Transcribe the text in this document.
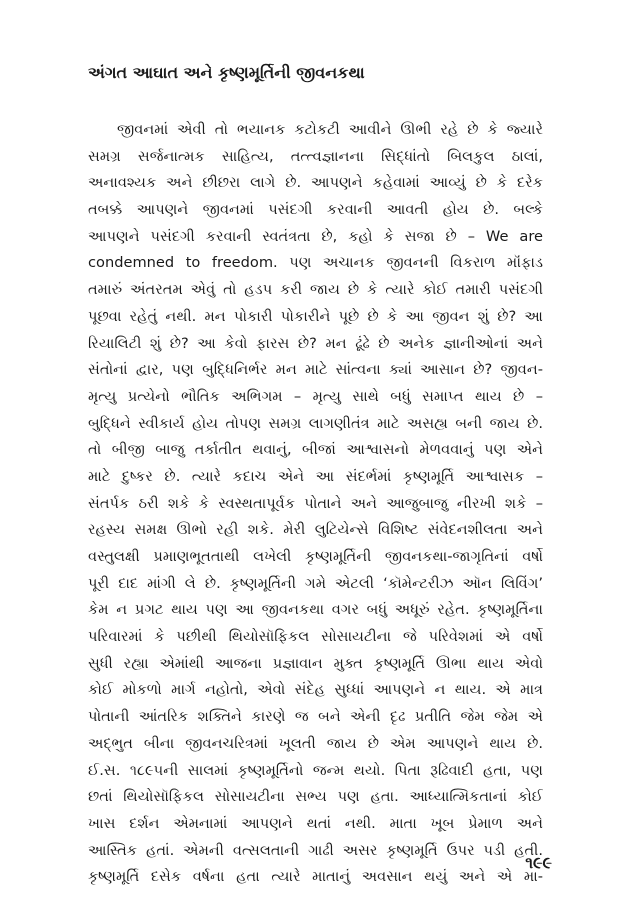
અંગત આઘાત અને કૃષ્ણમૂર્તિની જીવનકથા
જીવનમાં એવી તો ભયાનક કટોકટી આવીને ઊભી રહે છે કે જ્યારે
સમગ્ર સર્જનાત્મક સાહિત્ય, તત્ત્વજ્ઞાનના સિદ્ધાંતો બિલકુલ ઠાલાં,
અનાવશ્યક અને છીછરા લાગે છે. આપણને કહેવામાં આવ્યું છે કે દરેક
તબક્કે આપણને જીવનમાં પસંદગી કરવાની આવતી હોય છે. બલ્કે
આપણને પસંદગી કરવાની સ્વતંત્રતા છે, કહો કે સજા છે – We are
condemned to freedom. પણ અચાનક જીવનની વિકરાળ મૉંફાડ
તમારું અંતરતમ એવું તો હડપ કરી જાય છે કે ત્યારે કોઈ તમારી પસંદગી
પૂછવા રહેતું નથી. મન પોકારી પોકારીને પૂછે છે કે આ જીવન શું છે? આ
રિયાલિટી શું છે? આ કેવો ફારસ છે? મન ઢૂંઢે છે અનેક જ્ઞાનીઓનાં અને
સંતોનાં દ્વાર, પણ બુદ્ધિનિર્ભર મન માટે સાંત્વના ક્યાં આસાન છે? જીવન-
મૃત્યુ પ્રત્યેનો ભૌતિક અભિગમ – મૃત્યુ સાથે બધું સમાપ્ત થાય છે –
બુદ્ધિને સ્વીકાર્ય હોય તોપણ સમગ્ર લાગણીતંત્ર માટે અસહ્ય બની જાય છે.
તો બીજી બાજુ તર્કાતીત થવાનું, બીજાં આશ્વાસનો મેળવવાનું પણ એને
માટે દુષ્કર છે. ત્યારે કદાચ એને આ સંદર્ભમાં કૃષ્ણમૂર્તિ આશ્વાસક –
સંતર્પક ઠરી શકે કે સ્વસ્થતાપૂર્વક પોતાને અને આજુબાજુ નીરખી શકે –
રહસ્ય સમક્ષ ઊભો રહી શકે. મેરી લુટિયેન્સે વિશિષ્ટ સંવેદનશીલતા અને
વસ્તુલક્ષી પ્રમાણભૂતતાથી લખેલી કૃષ્ણમૂર્તિની જીવનકથા-જાગૃતિનાં વર્ષો
પૂરી દાદ માંગી લે છે. કૃષ્ણમૂર્તિની ગમે એટલી ‘કૉમેન્ટરીઝ ઑન લિવિંગ’
કેમ ન પ્રગટ થાય પણ આ જીવનકથા વગર બધું અધૂરું રહેત. કૃષ્ણમૂર્તિના
પરિવારમાં કે પછીથી થિયોસૉફિકલ સોસાયટીના જે પરિવેશમાં એ વર્ષો
સુધી રહ્યા એમાંથી આજના પ્રજ્ઞાવાન મુક્ત કૃષ્ણમૂર્તિ ઊભા થાય એવો
કોઈ મોકળો માર્ગ નહોતો, એવો સંદેહ સુધ્ધાં આપણને ન થાય. એ માત્ર
પોતાની આંતરિક શક્તિને કારણે જ બને એની દૃઢ પ્રતીતિ જેમ જેમ એ
અદ્‌ભુત બીના જીવનચરિત્રમાં ખૂલતી જાય છે એમ આપણને થાય છે.
ઈ.સ. ૧૮૯૫ની સાલમાં કૃષ્ણમૂર્તિનો જન્મ થયો. પિતા રૂઢિવાદી હતા, પણ
છતાં થિયોસૉફિકલ સોસાયટીના સભ્ય પણ હતા. આધ્યાત્મિકતાનાં કોઈ
ખાસ દર્શન એમનામાં આપણને થતાં નથી. માતા ખૂબ પ્રેમાળ અને
આસ્તિક હતાં. એમની વત્સલતાની ગાઢી અસર કૃષ્ણમૂર્તિ ઉપર પડી હતી.
કૃષ્ણમૂર્તિ દસેક વર્ષના હતા ત્યારે માતાનું અવસાન થયું અને એ મા-
૧૯૯
